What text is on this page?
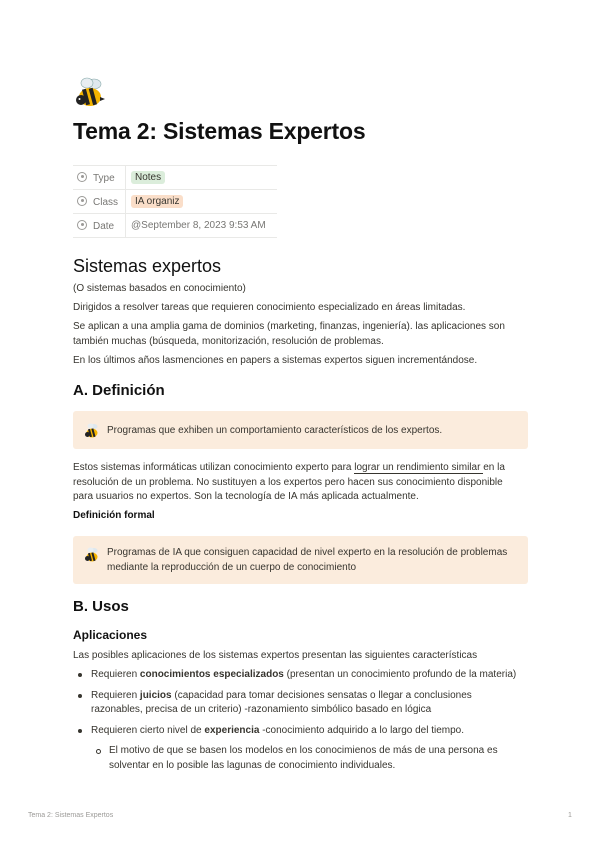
Tema 2: Sistemas Expertos
Type	Notes
Class	IA organiz
Date	@September 8, 2023 9:53 AM
Sistemas expertos

(O sistemas basados en conocimiento)

Dirigidos a resolver tareas que requieren conocimiento especializado en áreas limitadas.

Se aplican a una amplia gama de dominios (marketing, finanzas, ingeniería). las aplicaciones son
también muchas (búsqueda, monitorización, resolución de problemas.

En los últimos años lasmenciones en papers a sistemas expertos siguen incrementándose.

A. Definición
Programas que exhiben un comportamiento característicos de los expertos.

Estos sistemas informáticas utilizan conocimiento experto para lograr un rendimiento similar en la
resolución de un problema. No sustituyen a los expertos pero hacen sus conocimiento disponible
para usuarios no expertos. Son la tecnología de IA más aplicada actualmente.

Definición formal
Programas de IA que consiguen capacidad de nivel experto en la resolución de problemas
mediante la reproducción de un cuerpo de conocimiento
B. Usos
Aplicaciones

Las posibles aplicaciones de los sistemas expertos presentan las siguientes características

Requieren conocimientos especializados (presentan un conocimiento profundo de la materia)
Requieren juicios (capacidad para tomar decisiones sensatas o llegar a conclusiones
razonables, precisa de un criterio) -razonamiento simbólico basado en lógica
Requieren cierto nivel de experiencia -conocimiento adquirido a lo largo del tiempo.
El motivo de que se basen los modelos en los conocimienos de más de una persona es
solventar en lo posible las lagunas de conocimiento individuales.
Tema 2: Sistemas Expertos	1
